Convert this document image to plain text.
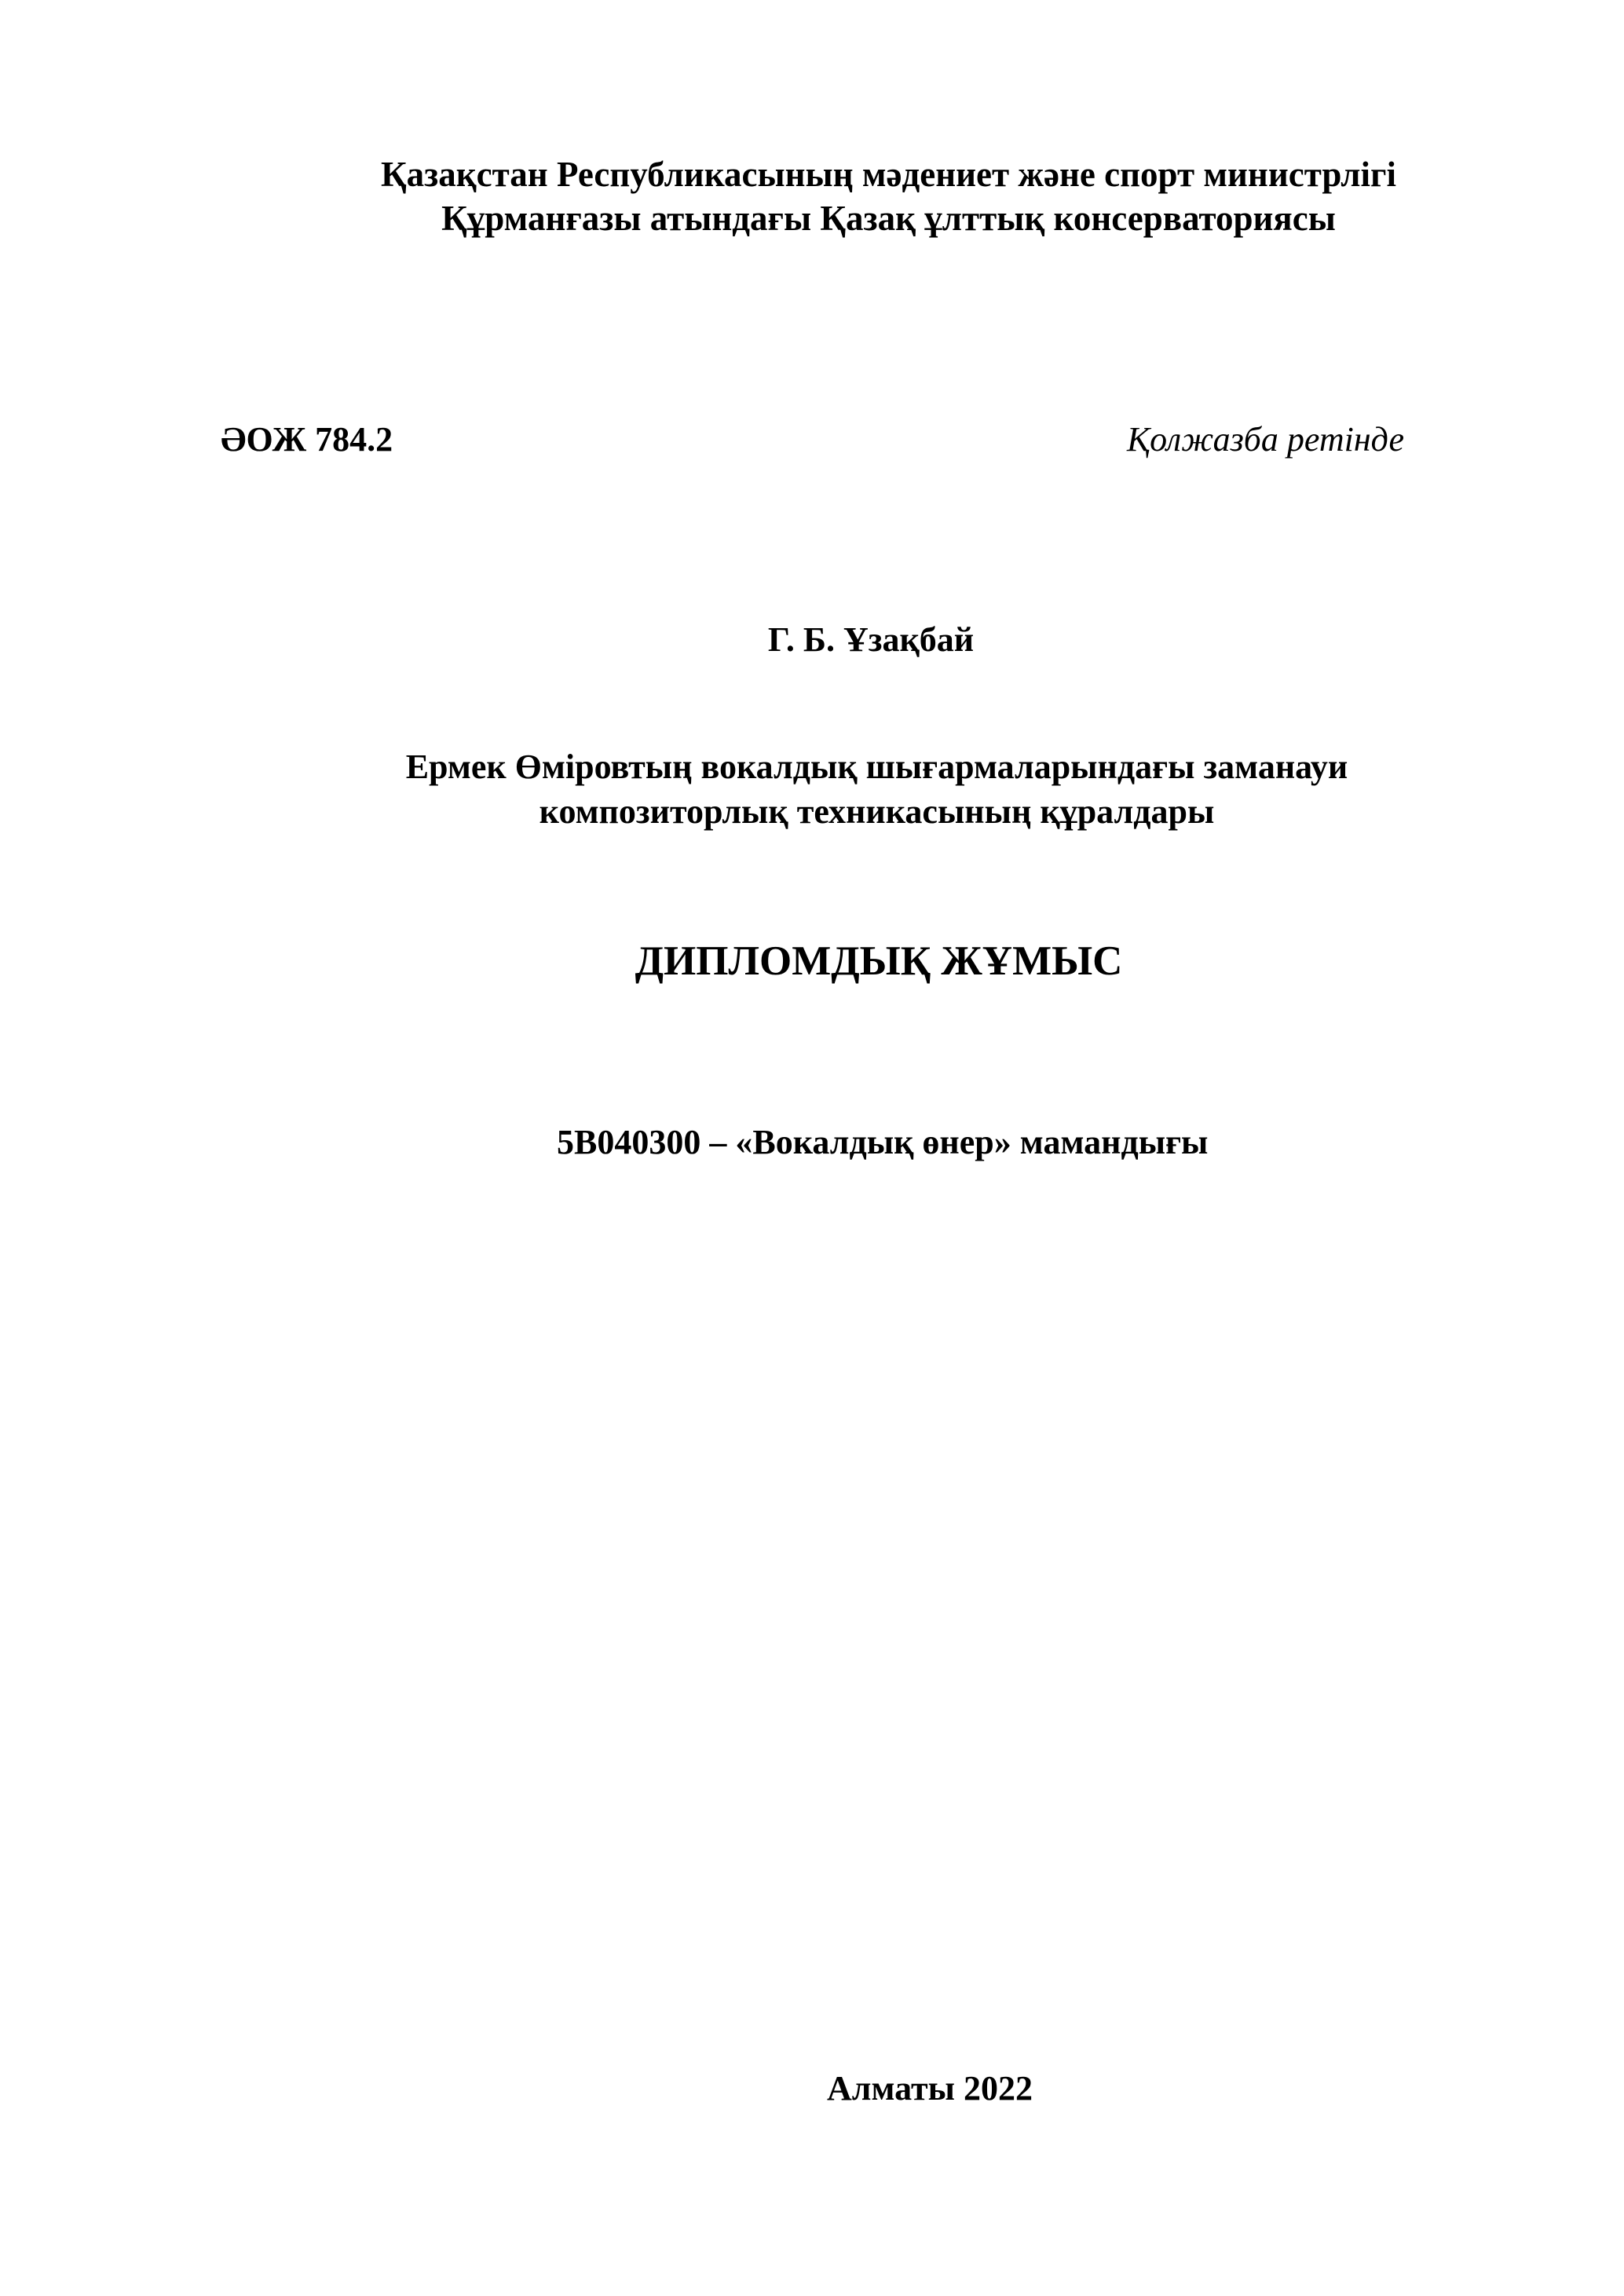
Қазақстан Республикасының мәдениет және спорт министрлігі
Құрманғазы атындағы Қазақ ұлттық консерваториясы
ӘОЖ 784.2	Қолжазба ретінде
Г. Б. Ұзақбай
Ермек Өміровтың вокалдық шығармаларындағы заманауи
композиторлық техникасының құралдары
ДИПЛОМДЫҚ ЖҰМЫС
5В040300 – «Вокалдық өнер» мамандығы
Алматы 2022
